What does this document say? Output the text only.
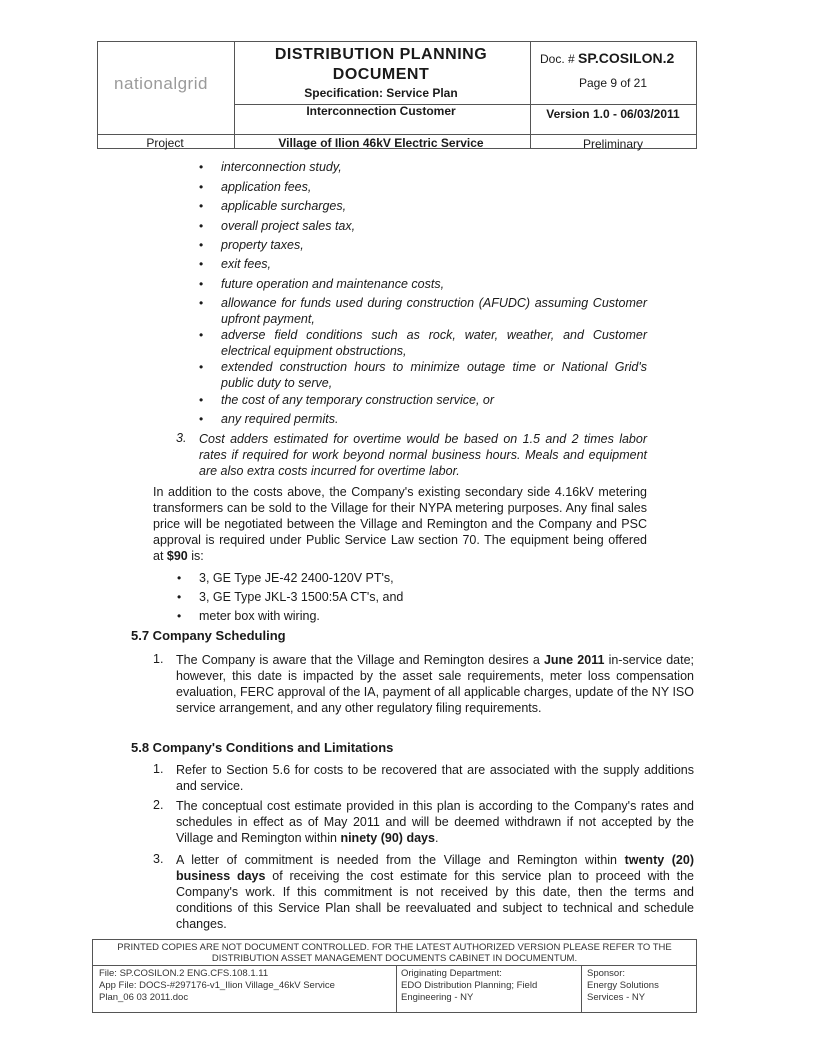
nationalgrid
DISTRIBUTION PLANNING DOCUMENT
Specification: Service Plan
Interconnection Customer
Doc. # SP.COSILON.2
Page 9 of 21
Version 1.0 - 06/03/2011
Project	Village of Ilion 46kV Electric Service	Preliminary
• interconnection study,
• application fees,
• applicable surcharges,
• overall project sales tax,
• property taxes,
• exit fees,
• future operation and maintenance costs,
• allowance for funds used during construction (AFUDC) assuming Customer upfront payment,
• adverse field conditions such as rock, water, weather, and Customer electrical equipment obstructions,
• extended construction hours to minimize outage time or National Grid's public duty to serve,
• the cost of any temporary construction service, or
• any required permits.
3. Cost adders estimated for overtime would be based on 1.5 and 2 times labor rates if required for work beyond normal business hours. Meals and equipment are also extra costs incurred for overtime labor.
In addition to the costs above, the Company's existing secondary side 4.16kV metering transformers can be sold to the Village for their NYPA metering purposes. Any final sales price will be negotiated between the Village and Remington and the Company and PSC approval is required under Public Service Law section 70. The equipment being offered at $90 is:
• 3, GE Type JE-42 2400-120V PT's,
• 3, GE Type JKL-3 1500:5A CT's, and
• meter box with wiring.
5.7 Company Scheduling
1. The Company is aware that the Village and Remington desires a June 2011 in-service date; however, this date is impacted by the asset sale requirements, meter loss compensation evaluation, FERC approval of the IA, payment of all applicable charges, update of the NY ISO service arrangement, and any other regulatory filing requirements.
5.8 Company's Conditions and Limitations
1. Refer to Section 5.6 for costs to be recovered that are associated with the supply additions and service.
2. The conceptual cost estimate provided in this plan is according to the Company's rates and schedules in effect as of May 2011 and will be deemed withdrawn if not accepted by the Village and Remington within ninety (90) days.
3. A letter of commitment is needed from the Village and Remington within twenty (20) business days of receiving the cost estimate for this service plan to proceed with the Company's work. If this commitment is not received by this date, then the terms and conditions of this Service Plan shall be reevaluated and subject to technical and schedule changes.
PRINTED COPIES ARE NOT DOCUMENT CONTROLLED. FOR THE LATEST AUTHORIZED VERSION PLEASE REFER TO THE
DISTRIBUTION ASSET MANAGEMENT DOCUMENTS CABINET IN DOCUMENTUM.
File: SP.COSILON.2 ENG.CFS.108.1.11
App File: DOCS-#297176-v1_Ilion Village_46kV Service
Plan_06 03 2011.doc
Originating Department:
EDO Distribution Planning; Field
Engineering - NY
Sponsor:
Energy Solutions
Services - NY
